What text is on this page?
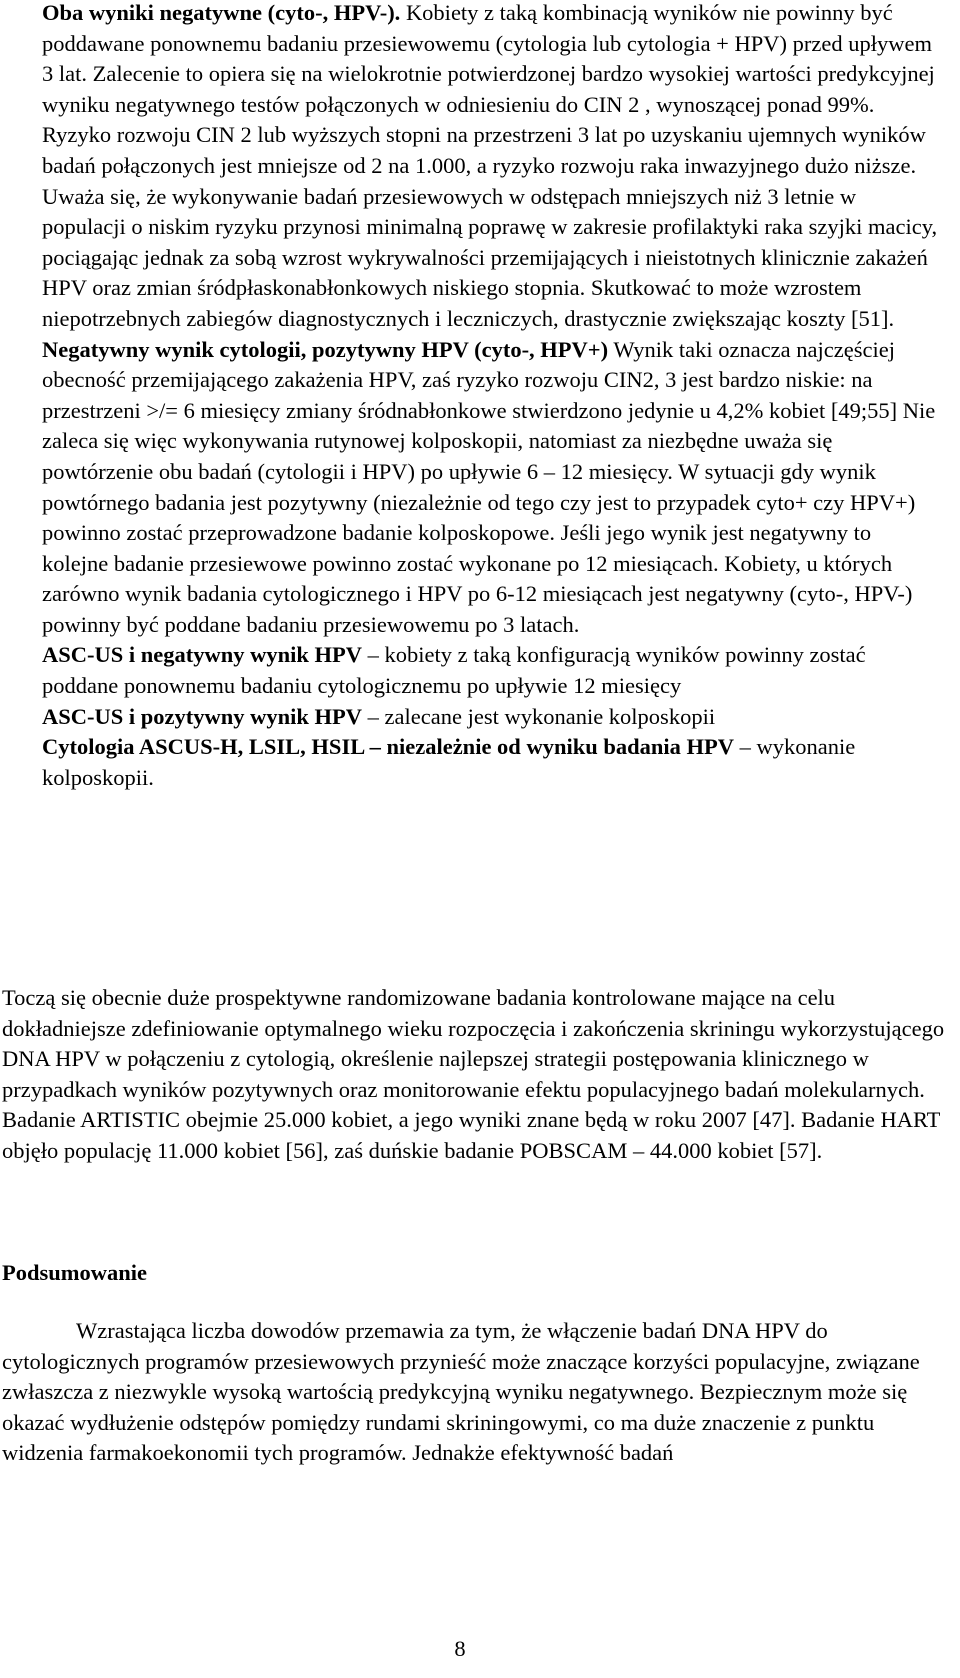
Oba wyniki negatywne (cyto-, HPV-). Kobiety z taką kombinacją wyników nie powinny być poddawane ponownemu badaniu przesiewowemu (cytologia lub cytologia + HPV) przed upływem 3 lat. Zalecenie to opiera się na wielokrotnie potwierdzonej bardzo wysokiej wartości predykcyjnej wyniku negatywnego testów połączonych w odniesieniu do CIN 2 , wynoszącej ponad 99%. Ryzyko rozwoju CIN 2 lub wyższych stopni na przestrzeni 3 lat po uzyskaniu ujemnych wyników badań połączonych jest mniejsze od 2 na 1.000, a ryzyko rozwoju raka inwazyjnego dużo niższe. Uważa się, że wykonywanie badań przesiewowych w odstępach mniejszych niż 3 letnie w populacji o niskim ryzyku przynosi minimalną poprawę w zakresie profilaktyki raka szyjki macicy, pociągając jednak za sobą wzrost wykrywalności przemijających i nieistotnych klinicznie zakażeń HPV oraz zmian śródpłaskonabłonkowych niskiego stopnia. Skutkować to może wzrostem niepotrzebnych zabiegów diagnostycznych i leczniczych, drastycznie zwiększając koszty [51].

Negatywny wynik cytologii, pozytywny HPV (cyto-, HPV+) Wynik taki oznacza najczęściej obecność przemijającego zakażenia HPV, zaś ryzyko rozwoju CIN2, 3 jest bardzo niskie: na przestrzeni >/= 6 miesięcy zmiany śródnabłonkowe stwierdzono jedynie u 4,2% kobiet [49;55] Nie zaleca się więc wykonywania rutynowej kolposkopii, natomiast za niezbędne uważa się powtórzenie obu badań (cytologii i HPV) po upływie 6 – 12 miesięcy. W sytuacji gdy wynik powtórnego badania jest pozytywny (niezależnie od tego czy jest to przypadek cyto+ czy HPV+) powinno zostać przeprowadzone badanie kolposkopowe. Jeśli jego wynik jest negatywny to kolejne badanie przesiewowe powinno zostać wykonane po 12 miesiącach. Kobiety, u których zarówno wynik badania cytologicznego i HPV po 6-12 miesiącach jest negatywny (cyto-, HPV-) powinny być poddane badaniu przesiewowemu po 3 latach.

ASC-US i negatywny wynik HPV – kobiety z taką konfiguracją wyników powinny zostać poddane ponownemu badaniu cytologicznemu po upływie 12 miesięcy

ASC-US i pozytywny wynik HPV – zalecane jest wykonanie kolposkopii

Cytologia ASCUS-H, LSIL, HSIL – niezależnie od wyniku badania HPV – wykonanie kolposkopii.

Toczą się obecnie duże prospektywne randomizowane badania kontrolowane mające na celu dokładniejsze zdefiniowanie optymalnego wieku rozpoczęcia i zakończenia skriningu wykorzystującego DNA HPV w połączeniu z cytologią, określenie najlepszej strategii postępowania klinicznego w przypadkach wyników pozytywnych oraz monitorowanie efektu populacyjnego badań molekularnych. Badanie ARTISTIC obejmie 25.000 kobiet, a jego wyniki znane będą w roku 2007 [47]. Badanie HART objęło populację 11.000 kobiet [56], zaś duńskie badanie POBSCAM – 44.000 kobiet [57].

Podsumowanie

Wzrastająca liczba dowodów przemawia za tym, że włączenie badań DNA HPV do cytologicznych programów przesiewowych przynieść może znaczące korzyści populacyjne, związane zwłaszcza z niezwykle wysoką wartością predykcyjną wyniku negatywnego. Bezpiecznym może się okazać wydłużenie odstępów pomiędzy rundami skriningowymi, co ma duże znaczenie z punktu widzenia farmakoekonomii tych programów. Jednakże efektywność badań

8
